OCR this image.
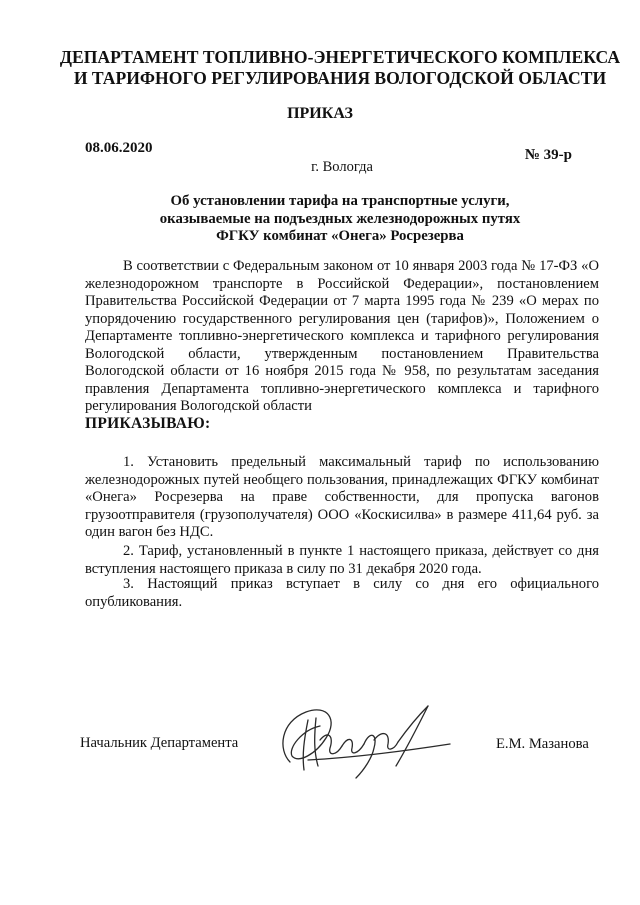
ДЕПАРТАМЕНТ ТОПЛИВНО-ЭНЕРГЕТИЧЕСКОГО КОМПЛЕКСА
И ТАРИФНОГО РЕГУЛИРОВАНИЯ ВОЛОГОДСКОЙ ОБЛАСТИ
ПРИКАЗ
08.06.2020	№ 39-р
г. Вологда
Об установлении тарифа на транспортные услуги,
оказываемые на подъездных железнодорожных путях
ФГКУ комбинат «Онега» Росрезерва
В соответствии с Федеральным законом от 10 января 2003 года № 17-ФЗ «О железнодорожном транспорте в Российской Федерации», постановлением Правительства Российской Федерации от 7 марта 1995 года № 239 «О мерах по упорядочению государственного регулирования цен (тарифов)», Положением о Департаменте топливно-энергетического комплекса и тарифного регулирования Вологодской области, утвержденным постановлением Правительства Вологодской области от 16 ноября 2015 года № 958, по результатам заседания правления Департамента топливно-энергетического комплекса и тарифного регулирования Вологодской области
ПРИКАЗЫВАЮ:
1. Установить предельный максимальный тариф по использованию железнодорожных путей необщего пользования, принадлежащих ФГКУ комбинат «Онега» Росрезерва на праве собственности, для пропуска вагонов грузоотправителя (грузополучателя) ООО «Коскисилва» в размере 411,64 руб. за один вагон без НДС.
2. Тариф, установленный в пункте 1 настоящего приказа, действует со дня вступления настоящего приказа в силу по 31 декабря 2020 года.
3. Настоящий приказ вступает в силу со дня его официального опубликования.
Начальник Департамента	Е.М. Мазанова
